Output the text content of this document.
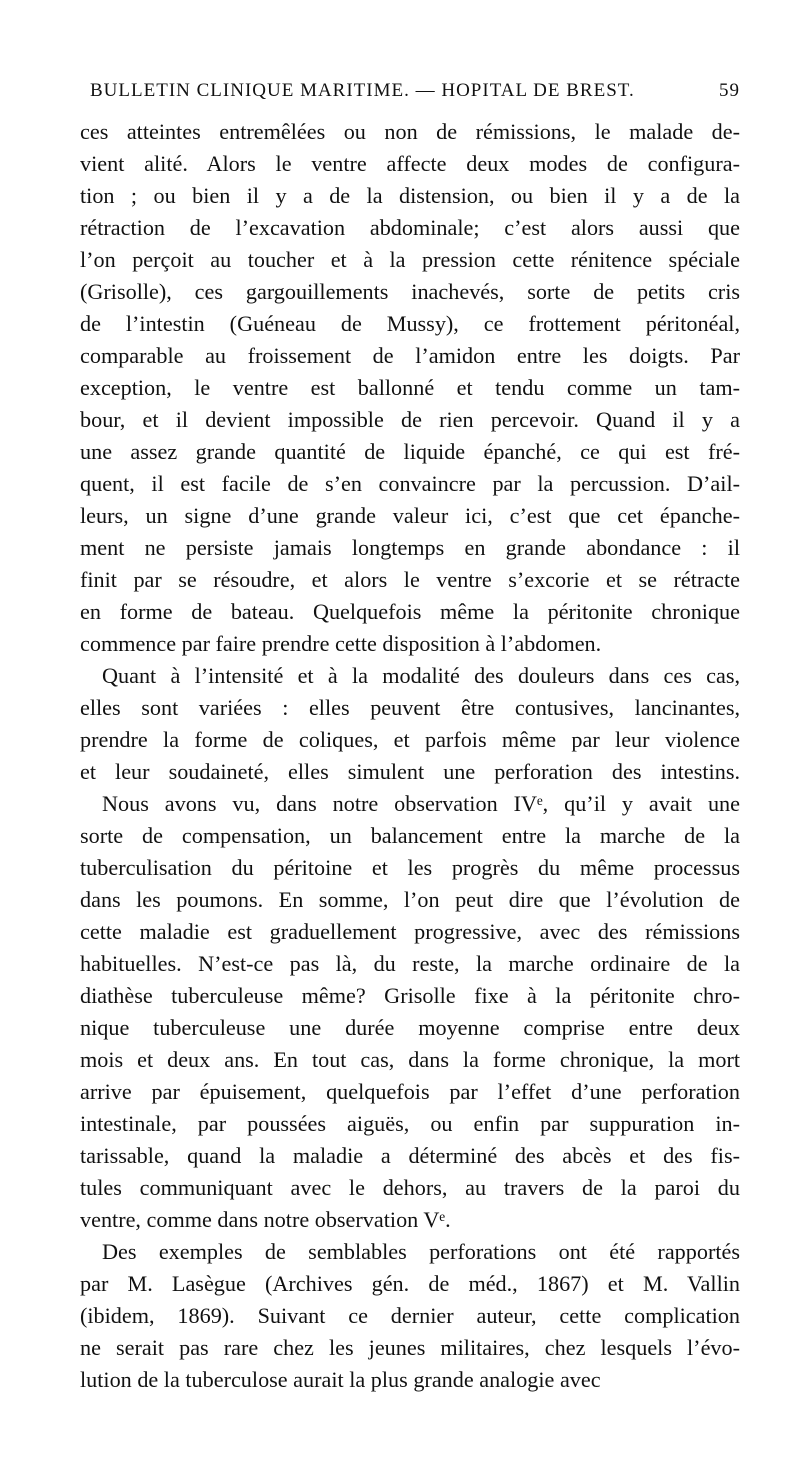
BULLETIN CLINIQUE MARITIME. — HOPITAL DE BREST.	59
ces atteintes entremêlées ou non de rémissions, le malade de-
vient alité. Alors le ventre affecte deux modes de configura-
tion ; ou bien il y a de la distension, ou bien il y a de la
rétraction de l’excavation abdominale; c’est alors aussi que
l’on perçoit au toucher et à la pression cette rénitence spéciale
(Grisolle), ces gargouillements inachevés, sorte de petits cris
de l’intestin (Guéneau de Mussy), ce frottement péritonéal,
comparable au froissement de l’amidon entre les doigts. Par
exception, le ventre est ballonné et tendu comme un tam-
bour, et il devient impossible de rien percevoir. Quand il y a
une assez grande quantité de liquide épanché, ce qui est fré-
quent, il est facile de s’en convaincre par la percussion. D’ail-
leurs, un signe d’une grande valeur ici, c’est que cet épanche-
ment ne persiste jamais longtemps en grande abondance : il
finit par se résoudre, et alors le ventre s’excorie et se rétracte
en forme de bateau. Quelquefois même la péritonite chronique
commence par faire prendre cette disposition à l’abdomen.
Quant à l’intensité et à la modalité des douleurs dans ces cas,
elles sont variées : elles peuvent être contusives, lancinantes,
prendre la forme de coliques, et parfois même par leur violence
et leur soudaineté, elles simulent une perforation des intestins.
Nous avons vu, dans notre observation IVᵉ, qu’il y avait une
sorte de compensation, un balancement entre la marche de la
tuberculisation du péritoine et les progrès du même processus
dans les poumons. En somme, l’on peut dire que l’évolution de
cette maladie est graduellement progressive, avec des rémissions
habituelles. N’est-ce pas là, du reste, la marche ordinaire de la
diathèse tuberculeuse même? Grisolle fixe à la péritonite chro-
nique tuberculeuse une durée moyenne comprise entre deux
mois et deux ans. En tout cas, dans la forme chronique, la mort
arrive par épuisement, quelquefois par l’effet d’une perforation
intestinale, par poussées aiguës, ou enfin par suppuration in-
tarissable, quand la maladie a déterminé des abcès et des fis-
tules communiquant avec le dehors, au travers de la paroi du
ventre, comme dans notre observation Vᵉ.
Des exemples de semblables perforations ont été rapportés
par M. Lasègue (Archives gén. de méd., 1867) et M. Vallin
(ibidem, 1869). Suivant ce dernier auteur, cette complication
ne serait pas rare chez les jeunes militaires, chez lesquels l’évo-
lution de la tuberculose aurait la plus grande analogie avec
